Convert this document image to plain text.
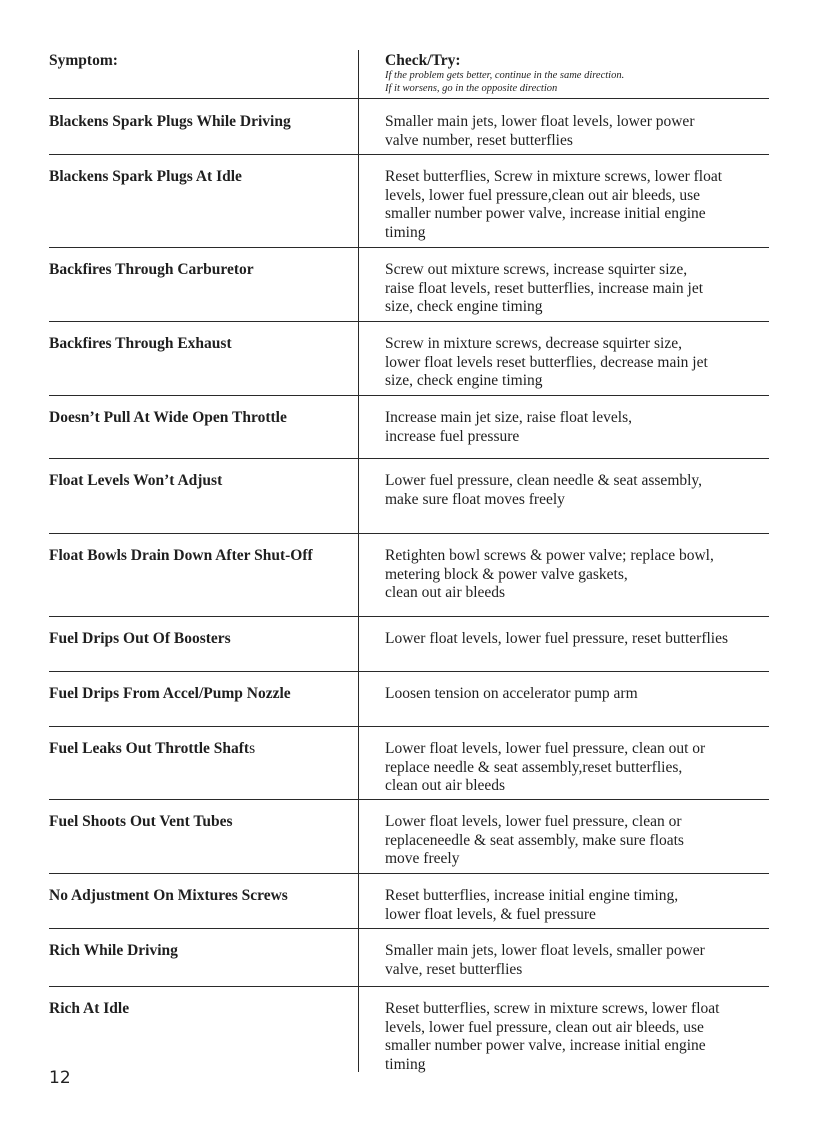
Symptom:	Check/Try:
If the problem gets better, continue in the same direction.
If it worsens, go in the opposite direction
Blackens Spark Plugs While Driving	Smaller main jets, lower float levels, lower power
valve number, reset butterflies
Blackens Spark Plugs At Idle	Reset butterflies, Screw in mixture screws, lower float
levels, lower fuel pressure,clean out air bleeds, use
smaller number power valve, increase initial engine
timing
Backfires Through Carburetor	Screw out mixture screws, increase squirter size,
raise float levels, reset butterflies, increase main jet
size, check engine timing
Backfires Through Exhaust	Screw in mixture screws, decrease squirter size,
lower float levels reset butterflies, decrease main jet
size, check engine timing
Doesn’t Pull At Wide Open Throttle	Increase main jet size, raise float levels,
increase fuel pressure
Float Levels Won’t Adjust	Lower fuel pressure, clean needle & seat assembly,
make sure float moves freely
Float Bowls Drain Down After Shut-Off	Retighten bowl screws & power valve; replace bowl,
metering block & power valve gaskets,
clean out air bleeds
Fuel Drips Out Of Boosters	Lower float levels, lower fuel pressure, reset butterflies
Fuel Drips From Accel/Pump Nozzle	Loosen tension on accelerator pump arm
Fuel Leaks Out Throttle Shafts	Lower float levels, lower fuel pressure, clean out or
replace needle & seat assembly,reset butterflies,
clean out air bleeds
Fuel Shoots Out Vent Tubes	Lower float levels, lower fuel pressure, clean or
replaceneedle & seat assembly, make sure floats
move freely
No Adjustment On Mixtures Screws	Reset butterflies, increase initial engine timing,
lower float levels, & fuel pressure
Rich While Driving	Smaller main jets, lower float levels, smaller power
valve, reset butterflies
Rich At Idle	Reset butterflies, screw in mixture screws, lower float
levels, lower fuel pressure, clean out air bleeds, use
smaller number power valve, increase initial engine
timing
12
